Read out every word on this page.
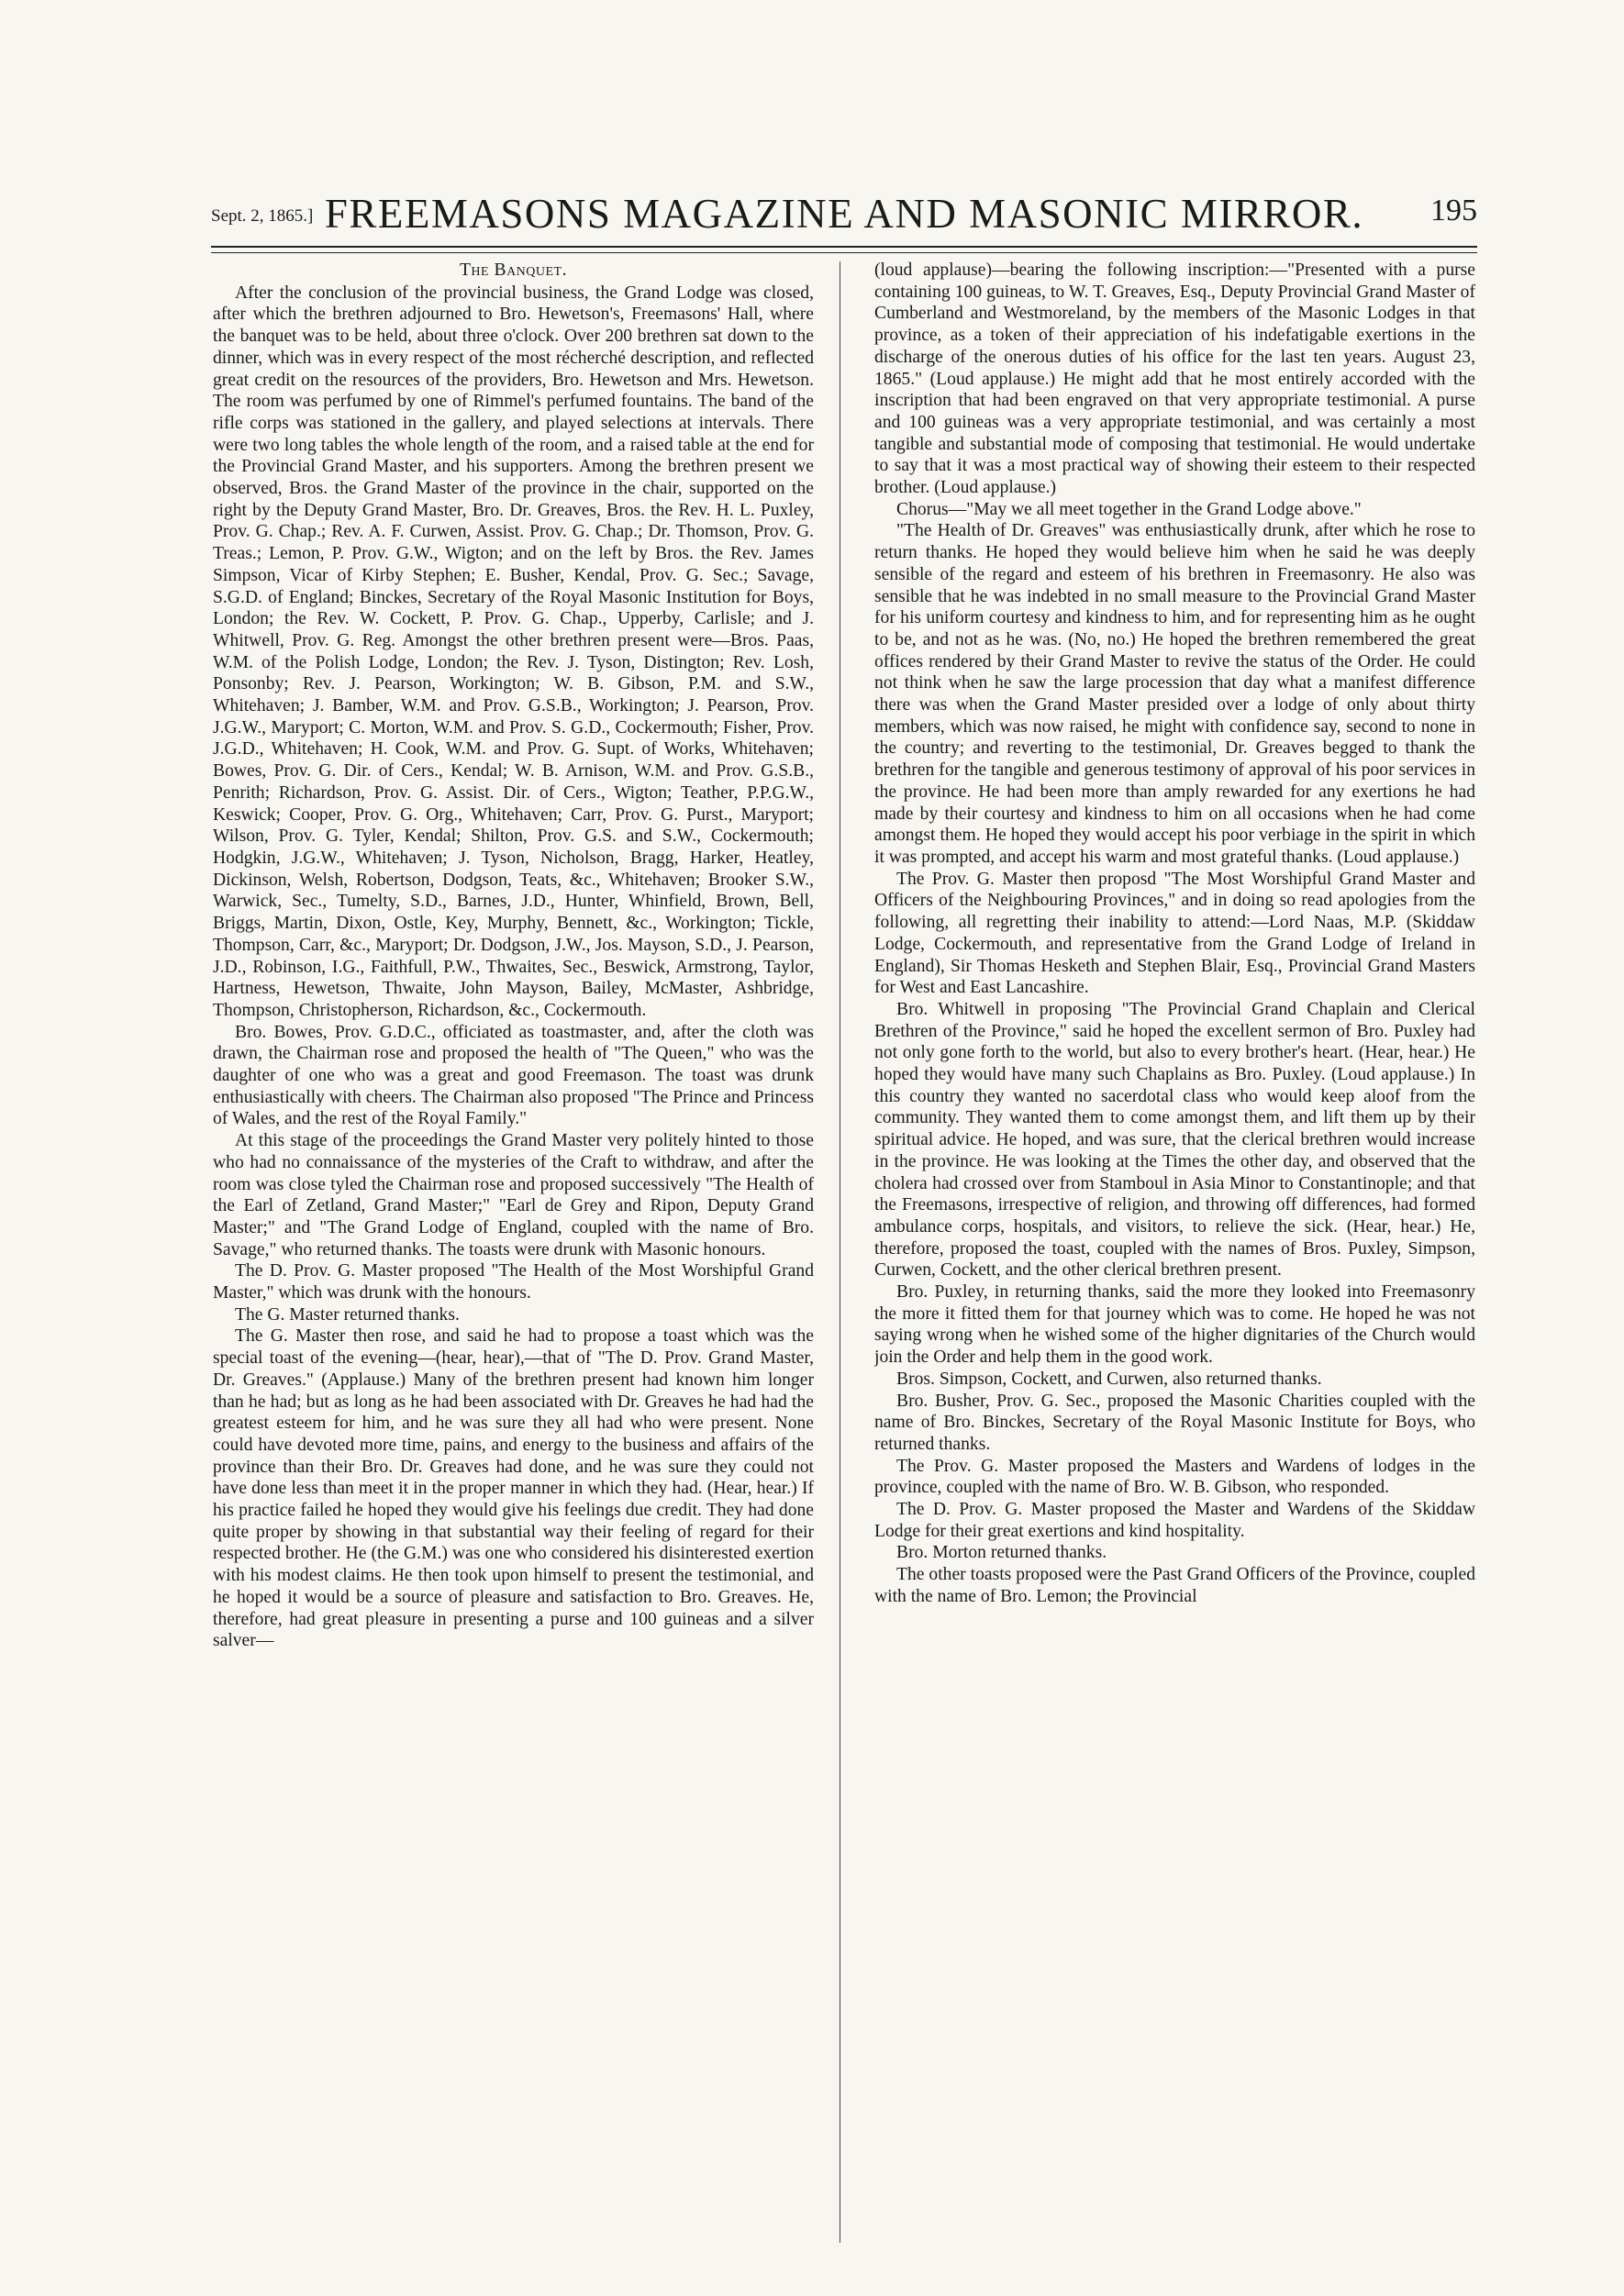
Sept. 2, 1865.] FREEMASONS MAGAZINE AND MASONIC MIRROR.	195
The Banquet.

After the conclusion of the provincial business, the Grand Lodge was closed, after which the brethren adjourned to Bro. Hewetson's, Freemasons' Hall, where the banquet was to be held, about three o'clock. Over 200 brethren sat down to the dinner, which was in every respect of the most récherché description, and reflected great credit on the resources of the providers, Bro. Hewetson and Mrs. Hewetson. The room was perfumed by one of Rimmel's perfumed fountains. The band of the rifle corps was stationed in the gallery, and played selections at intervals. There were two long tables the whole length of the room, and a raised table at the end for the Provincial Grand Master, and his supporters. Among the brethren present we observed, Bros. the Grand Master of the province in the chair, supported on the right by the Deputy Grand Master, Bro. Dr. Greaves, Bros. the Rev. H. L. Puxley, Prov. G. Chap.; Rev. A. F. Curwen, Assist. Prov. G. Chap.; Dr. Thomson, Prov. G. Treas.; Lemon, P. Prov. G.W., Wigton; and on the left by Bros. the Rev. James Simpson, Vicar of Kirby Stephen; E. Busher, Kendal, Prov. G. Sec.; Savage, S.G.D. of England; Binckes, Secretary of the Royal Masonic Institution for Boys, London; the Rev. W. Cockett, P. Prov. G. Chap., Upperby, Carlisle; and J. Whitwell, Prov. G. Reg. Amongst the other brethren present were—Bros. Paas, W.M. of the Polish Lodge, London; the Rev. J. Tyson, Distington; Rev. Losh, Ponsonby; Rev. J. Pearson, Workington; W. B. Gibson, P.M. and S.W., Whitehaven; J. Bamber, W.M. and Prov. G.S.B., Workington; J. Pearson, Prov. J.G.W., Maryport; C. Morton, W.M. and Prov. S. G.D., Cockermouth; Fisher, Prov. J.G.D., Whitehaven; H. Cook, W.M. and Prov. G. Supt. of Works, Whitehaven; Bowes, Prov. G. Dir. of Cers., Kendal; W. B. Arnison, W.M. and Prov. G.S.B., Penrith; Richardson, Prov. G. Assist. Dir. of Cers., Wigton; Teather, P.P.G.W., Keswick; Cooper, Prov. G. Org., Whitehaven; Carr, Prov. G. Purst., Maryport; Wilson, Prov. G. Tyler, Kendal; Shilton, Prov. G.S. and S.W., Cockermouth; Hodgkin, J.G.W., Whitehaven; J. Tyson, Nicholson, Bragg, Harker, Heatley, Dickinson, Welsh, Robertson, Dodgson, Teats, &c., Whitehaven; Brooker S.W., Warwick, Sec., Tumelty, S.D., Barnes, J.D., Hunter, Whinfield, Brown, Bell, Briggs, Martin, Dixon, Ostle, Key, Murphy, Bennett, &c., Workington; Tickle, Thompson, Carr, &c., Maryport; Dr. Dodgson, J.W., Jos. Mayson, S.D., J. Pearson, J.D., Robinson, I.G., Faithfull, P.W., Thwaites, Sec., Beswick, Armstrong, Taylor, Hartness, Hewetson, Thwaite, John Mayson, Bailey, McMaster, Ashbridge, Thompson, Christopherson, Richardson, &c., Cockermouth.

Bro. Bowes, Prov. G.D.C., officiated as toastmaster, and, after the cloth was drawn, the Chairman rose and proposed the health of "The Queen," who was the daughter of one who was a great and good Freemason. The toast was drunk enthusiastically with cheers. The Chairman also proposed "The Prince and Princess of Wales, and the rest of the Royal Family."

At this stage of the proceedings the Grand Master very politely hinted to those who had no connaissance of the mysteries of the Craft to withdraw, and after the room was close tyled the Chairman rose and proposed successively "The Health of the Earl of Zetland, Grand Master;" "Earl de Grey and Ripon, Deputy Grand Master;" and "The Grand Lodge of England, coupled with the name of Bro. Savage," who returned thanks. The toasts were drunk with Masonic honours.

The D. Prov. G. Master proposed "The Health of the Most Worshipful Grand Master," which was drunk with the honours.

The G. Master returned thanks.

The G. Master then rose, and said he had to propose a toast which was the special toast of the evening—(hear, hear),—that of "The D. Prov. Grand Master, Dr. Greaves." (Applause.) Many of the brethren present had known him longer than he had; but as long as he had been associated with Dr. Greaves he had had the greatest esteem for him, and he was sure they all had who were present. None could have devoted more time, pains, and energy to the business and affairs of the province than their Bro. Dr. Greaves had done, and he was sure they could not have done less than meet it in the proper manner in which they had. (Hear, hear.) If his practice failed he hoped they would give his feelings due credit. They had done quite proper by showing in that substantial way their feeling of regard for their respected brother. He (the G.M.) was one who considered his disinterested exertion with his modest claims. He then took upon himself to present the testimonial, and he hoped it would be a source of pleasure and satisfaction to Bro. Greaves. He, therefore, had great pleasure in presenting a purse and 100 guineas and a silver salver—

(loud applause)—bearing the following inscription:—"Presented with a purse containing 100 guineas, to W. T. Greaves, Esq., Deputy Provincial Grand Master of Cumberland and Westmoreland, by the members of the Masonic Lodges in that province, as a token of their appreciation of his indefatigable exertions in the discharge of the onerous duties of his office for the last ten years. August 23, 1865." (Loud applause.) He might add that he most entirely accorded with the inscription that had been engraved on that very appropriate testimonial. A purse and 100 guineas was a very appropriate testimonial, and was certainly a most tangible and substantial mode of composing that testimonial. He would undertake to say that it was a most practical way of showing their esteem to their respected brother. (Loud applause.)

Chorus—"May we all meet together in the Grand Lodge above."

"The Health of Dr. Greaves" was enthusiastically drunk, after which he rose to return thanks. He hoped they would believe him when he said he was deeply sensible of the regard and esteem of his brethren in Freemasonry. He also was sensible that he was indebted in no small measure to the Provincial Grand Master for his uniform courtesy and kindness to him, and for representing him as he ought to be, and not as he was. (No, no.) He hoped the brethren remembered the great offices rendered by their Grand Master to revive the status of the Order. He could not think when he saw the large procession that day what a manifest difference there was when the Grand Master presided over a lodge of only about thirty members, which was now raised, he might with confidence say, second to none in the country; and reverting to the testimonial, Dr. Greaves begged to thank the brethren for the tangible and generous testimony of approval of his poor services in the province. He had been more than amply rewarded for any exertions he had made by their courtesy and kindness to him on all occasions when he had come amongst them. He hoped they would accept his poor verbiage in the spirit in which it was prompted, and accept his warm and most grateful thanks. (Loud applause.)

The Prov. G. Master then proposd "The Most Worshipful Grand Master and Officers of the Neighbouring Provinces," and in doing so read apologies from the following, all regretting their inability to attend:—Lord Naas, M.P. (Skiddaw Lodge, Cockermouth, and representative from the Grand Lodge of Ireland in England), Sir Thomas Hesketh and Stephen Blair, Esq., Provincial Grand Masters for West and East Lancashire.

Bro. Whitwell in proposing "The Provincial Grand Chaplain and Clerical Brethren of the Province," said he hoped the excellent sermon of Bro. Puxley had not only gone forth to the world, but also to every brother's heart. (Hear, hear.) He hoped they would have many such Chaplains as Bro. Puxley. (Loud applause.) In this country they wanted no sacerdotal class who would keep aloof from the community. They wanted them to come amongst them, and lift them up by their spiritual advice. He hoped, and was sure, that the clerical brethren would increase in the province. He was looking at the Times the other day, and observed that the cholera had crossed over from Stamboul in Asia Minor to Constantinople; and that the Freemasons, irrespective of religion, and throwing off differences, had formed ambulance corps, hospitals, and visitors, to relieve the sick. (Hear, hear.) He, therefore, proposed the toast, coupled with the names of Bros. Puxley, Simpson, Curwen, Cockett, and the other clerical brethren present.

Bro. Puxley, in returning thanks, said the more they looked into Freemasonry the more it fitted them for that journey which was to come. He hoped he was not saying wrong when he wished some of the higher dignitaries of the Church would join the Order and help them in the good work.

Bros. Simpson, Cockett, and Curwen, also returned thanks.

Bro. Busher, Prov. G. Sec., proposed the Masonic Charities coupled with the name of Bro. Binckes, Secretary of the Royal Masonic Institute for Boys, who returned thanks.

The Prov. G. Master proposed the Masters and Wardens of lodges in the province, coupled with the name of Bro. W. B. Gibson, who responded.

The D. Prov. G. Master proposed the Master and Wardens of the Skiddaw Lodge for their great exertions and kind hospitality.

Bro. Morton returned thanks.

The other toasts proposed were the Past Grand Officers of the Province, coupled with the name of Bro. Lemon; the Provincial
